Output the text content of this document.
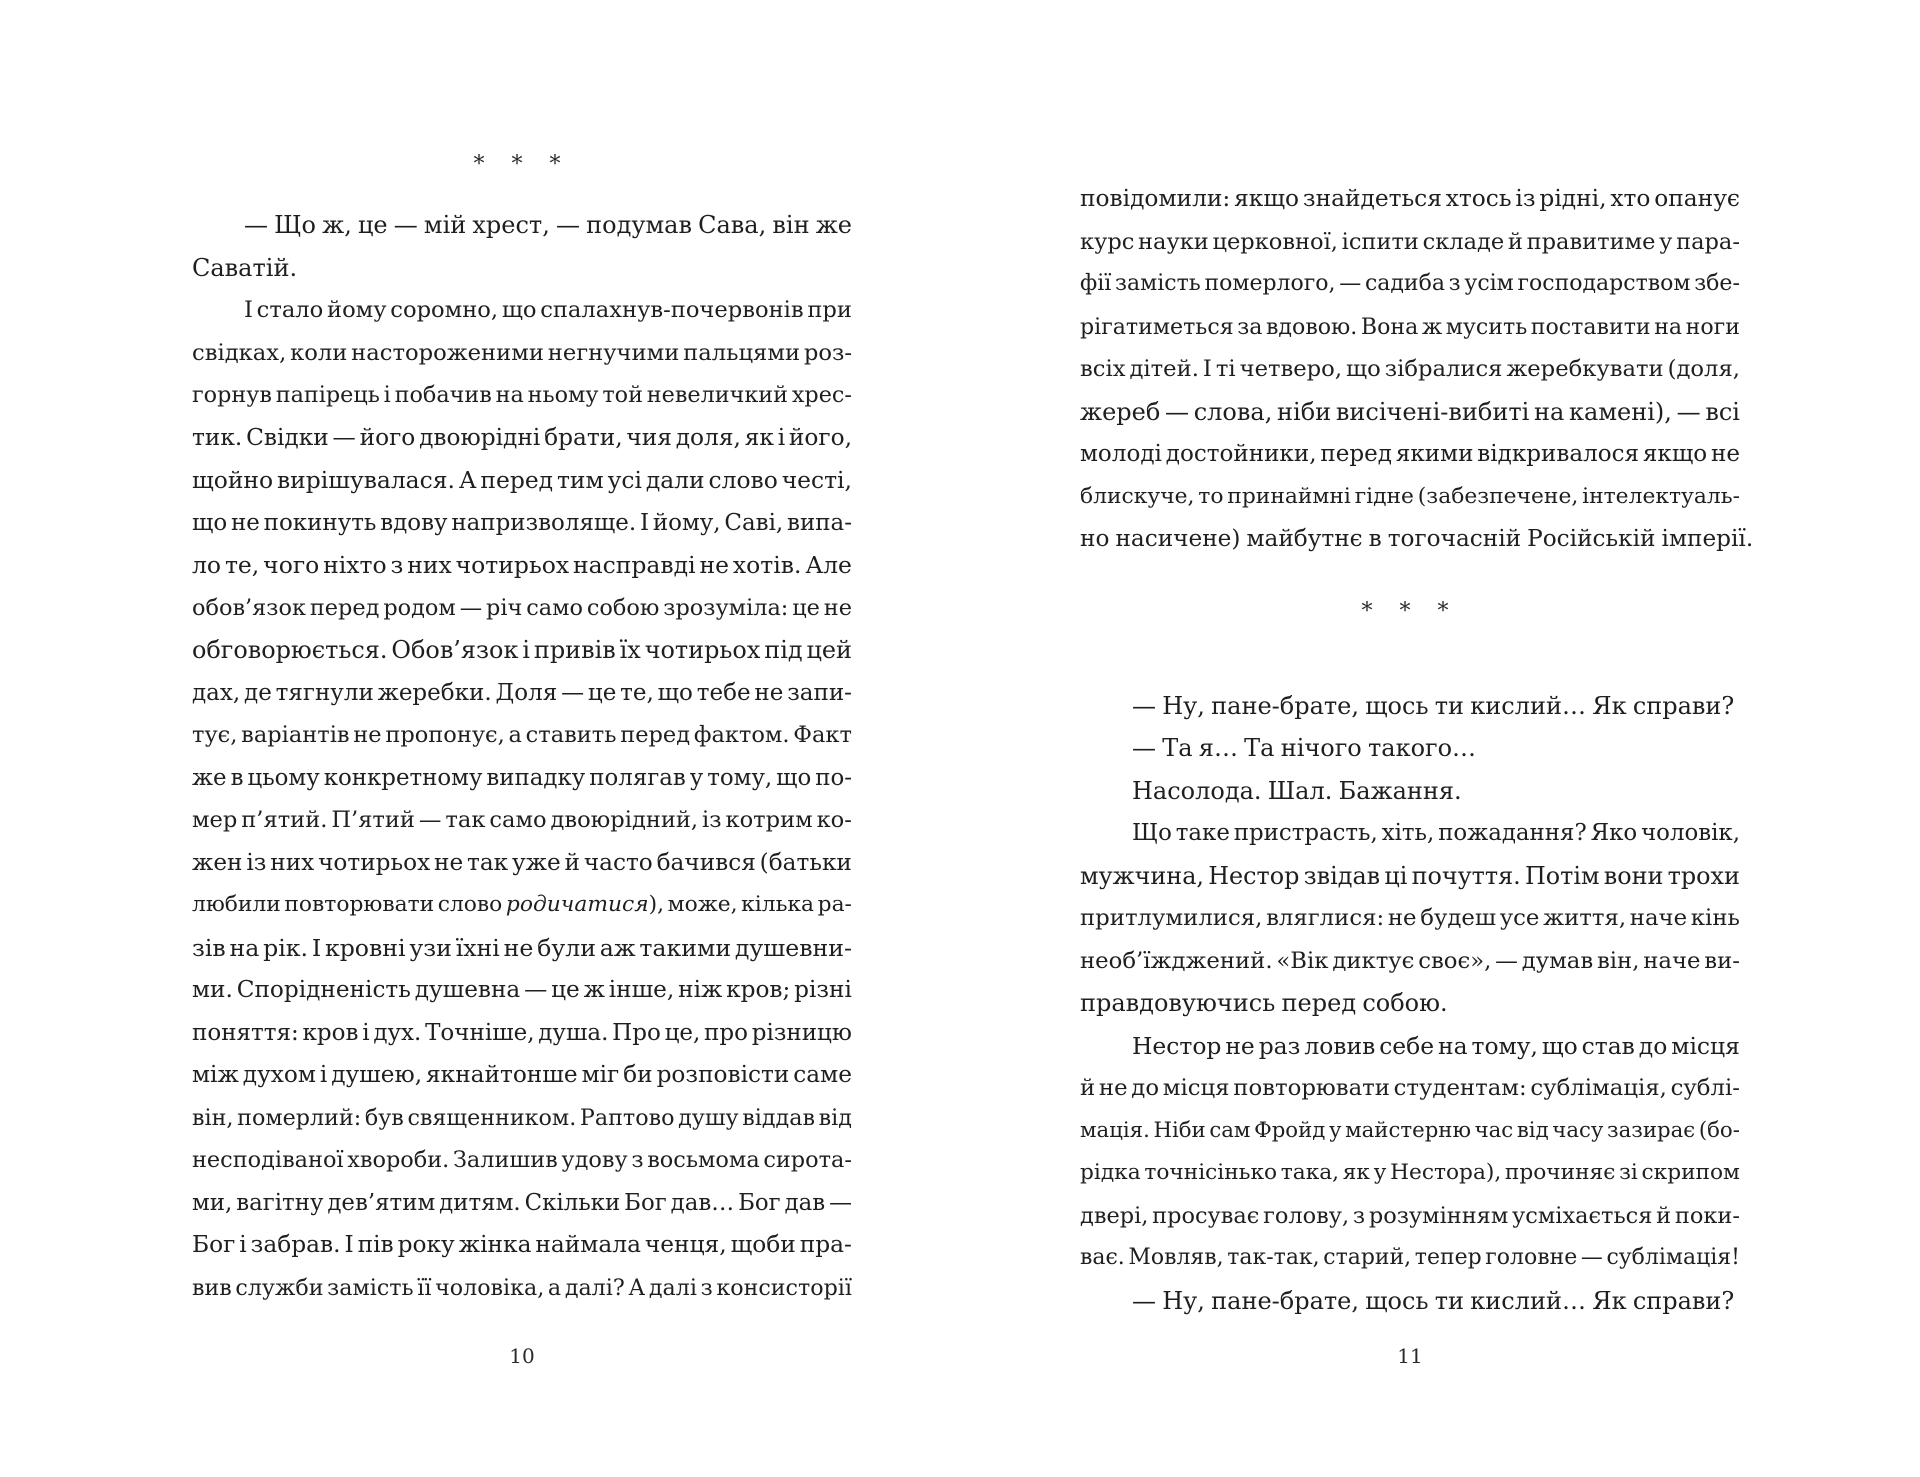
* * *
— Що ж, це — мій хрест, — подумав Сава, він же
Саватій.
І стало йому соромно, що спалахнув-почервонів при
свідках, коли настороженими негнучими пальцями роз-
горнув папірець і побачив на ньому той невеличкий хрес-
тик. Свідки — його двоюрідні брати, чия доля, як і його,
щойно вирішувалася. А перед тим усі дали слово честі,
що не покинуть вдову напризволяще. І йому, Саві, випа-
ло те, чого ніхто з них чотирьох насправді не хотів. Але
обов’язок перед родом — річ само собою зрозуміла: це не
обговорюється. Обов’язок і привів їх чотирьох під цей
дах, де тягнули жеребки. Доля — це те, що тебе не запи-
тує, варіантів не пропонує, а ставить перед фактом. Факт
же в цьому конкретному випадку полягав у тому, що по-
мер п’ятий. П’ятий — так само двоюрідний, із котрим ко-
жен із них чотирьох не так уже й часто бачився (батьки
любили повторювати слово родичатися), може, кілька ра-
зів на рік. І кровні узи їхні не були аж такими душевни-
ми. Спорідненість душевна — це ж інше, ніж кров; різні
поняття: кров і дух. Точніше, душа. Про це, про різницю
між духом і душею, якнайтонше міг би розповісти саме
він, померлий: був священником. Раптово душу віддав від
несподіваної хвороби. Залишив удову з восьмома сирота-
ми, вагітну дев’ятим дитям. Скільки Бог дав… Бог дав —
Бог і забрав. І пів року жінка наймала ченця, щоби пра-
вив служби замість її чоловіка, а далі? А далі з консисторії
10
повідомили: якщо знайдеться хтось із рідні, хто опанує
курс науки церковної, іспити складе й правитиме у пара-
фії замість померлого, — садиба з усім господарством збе-
рігатиметься за вдовою. Вона ж мусить поставити на ноги
всіх дітей. І ті четверо, що зібралися жеребкувати (доля,
жереб — слова, ніби висічені-вибиті на камені), — всі
молоді достойники, перед якими відкривалося якщо не
блискуче, то принаймні гідне (забезпечене, інтелектуаль-
но насичене) майбутнє в тогочасній Російській імперії.
* * *
— Ну, пане-брате, щось ти кислий… Як справи?
— Та я… Та нічого такого…
Насолода. Шал. Бажання.
Що таке пристрасть, хіть, пожадання? Яко чоловік,
мужчина, Нестор звідав ці почуття. Потім вони трохи
притлумилися, вляглися: не будеш усе життя, наче кінь
необ’їжджений. «Вік диктує своє», — думав він, наче ви-
правдовуючись перед собою.
Нестор не раз ловив себе на тому, що став до місця
й не до місця повторювати студентам: сублімація, сублі-
мація. Ніби сам Фройд у майстерню час від часу зазирає (бо-
рідка точнісінько така, як у Нестора), прочиняє зі скрипом
двері, просуває голову, з розумінням усміхається й поки-
ває. Мовляв, так-так, старий, тепер головне — сублімація!
— Ну, пане-брате, щось ти кислий… Як справи?
11
